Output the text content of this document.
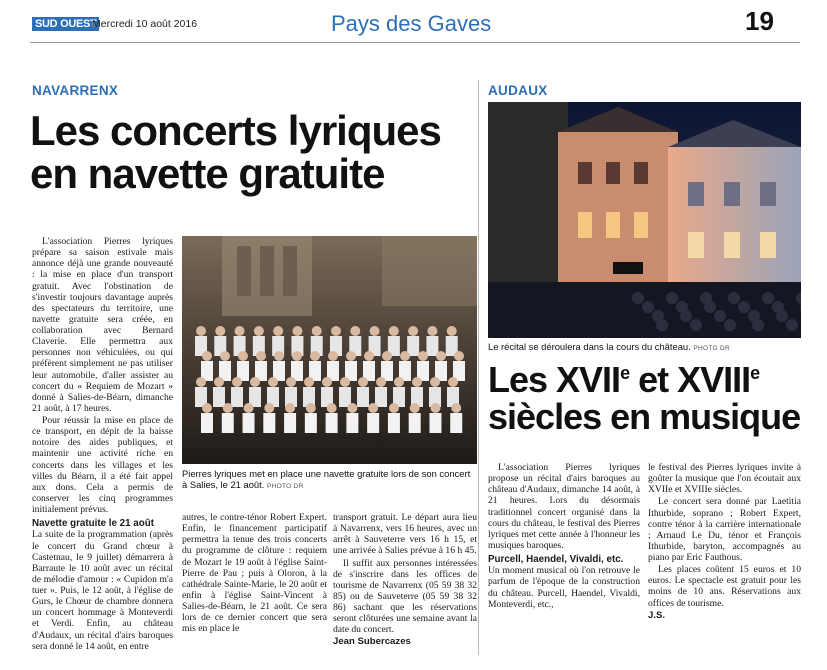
SUD OUEST
Mercredi 10 août 2016	Pays des Gaves	19
NAVARRENX
Les concerts lyriques en navette gratuite

L'association Pierres lyriques prépare sa saison estivale mais annonce déjà une grande nouveauté : la mise en place d'un transport gratuit. Avec l'obstination de s'investir toujours davantage auprès des spectateurs du territoire, une navette gratuite sera créée, en collaboration avec Bernard Claverie. Elle permettra aux personnes non véhiculées, ou qui préfèrent simplement ne pas utiliser leur automobile, d'aller assister au concert du « Requiem de Mozart » donné à Salies-de-Béarn, dimanche 21 août, à 17 heures.

Pour réussir la mise en place de ce transport, en dépit de la baisse notoire des aides publiques, et maintenir une activité riche en concerts dans les villages et les villes du Béarn, il a été fait appel aux dons. Cela a permis de conserver les cinq programmes initialement prévus.

Navette gratuite le 21 août

La suite de la programmation (après le concert du Grand chœur à Castetnau, le 9 juillet) démarrera à Barraute le 10 août avec un récital de mélodie d'amour : « Cupidon m'a tuer ». Puis, le 12 août, à l'église de Gurs, le Chœur de chambre donnera un concert hommage à Monteverdi et Verdi. Enfin, au château d'Audaux, un récital d'airs baroques sera donné le 14 août, en entre

Pierres lyriques met en place une navette gratuite lors de son concert à Salies, le 21 août. PHOTO DR

autres, le contre-ténor Robert Expert. Enfin, le financement participatif permettra la tenue des trois concerts du programme de clôture : requiem de Mozart le 19 août à l'église Saint-Pierre de Pau ; puis à Oloron, à la cathédrale Sainte-Marie, le 20 août et enfin à l'église Saint-Vincent à Salies-de-Béarn, le 21 août. Ce sera lors de ce dernier concert que sera mis en place le

transport gratuit. Le départ aura lieu à Navarrenx, vers 16 heures, avec un arrêt à Sauveterre vers 16 h 15, et une arrivée à Salies prévue à 16 h 45.

Il suffit aux personnes intéressées de s'inscrire dans les offices de tourisme de Navarrenx (05 59 38 32 85) ou de Sauveterre (05 59 38 32 86) sachant que les réservations seront clôturées une semaine avant la date du concert.

Jean Subercazes

AUDAUX
Le récital se déroulera dans la cours du château. PHOTO DR
Les XVIIe et XVIIIe
siècles en musique

L'association Pierres lyriques propose un récital d'airs baroques au château d'Audaux, dimanche 14 août, à 21 heures. Lors du désormais traditionnel concert organisé dans la cours du château, le festival des Pierres lyriques met cette année à l'honneur les musiques baroques.

Purcell, Haendel, Vivaldi, etc.

Un moment musical où l'on retrouve le parfum de l'époque de la construction du château. Purcell, Haendel, Vivaldi, Monteverdi, etc.,

le festival des Pierres lyriques invite à goûter la musique que l'on écoutait aux XVIIe et XVIIIe siècles.

Le concert sera donné par Laetitia Ithurbide, soprano ; Robert Expert, contre ténor à la carrière internationale ; Arnaud Le Du, ténor et François Ithurbide, baryton, accompagnés au piano par Eric Fauthous.

Les places coûtent 15 euros et 10 euros. Le spectacle est gratuit pour les moins de 10 ans. Réservations aux offices de tourisme.

J.S.
